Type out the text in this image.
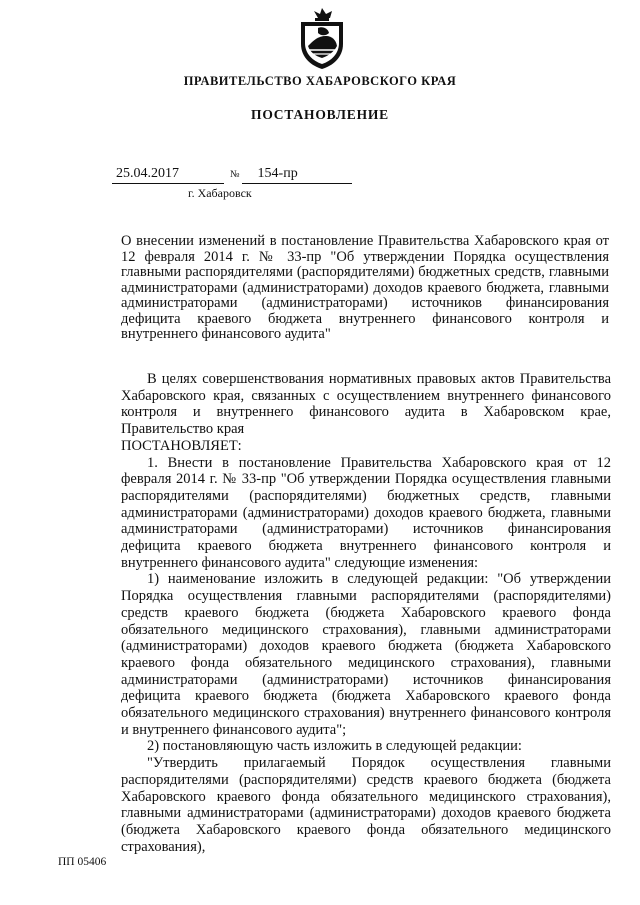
ПРАВИТЕЛЬСТВО ХАБАРОВСКОГО КРАЯ
ПОСТАНОВЛЕНИЕ
25.04.2017	№ 154-пр
г. Хабаровск
О внесении изменений в постановление Правительства Хабаровского края от 12 февраля 2014 г. № 33-пр "Об утверждении Порядка осуществления главными распорядителями (распорядителями) бюджетных средств, главными администраторами (администраторами) доходов краевого бюджета, главными администраторами (администраторами) источников финансирования дефицита краевого бюджета внутреннего финансового контроля и внутреннего финансового аудита"

В целях совершенствования нормативных правовых актов Правительства Хабаровского края, связанных с осуществлением внутреннего финансового контроля и внутреннего финансового аудита в Хабаровском крае, Правительство края

ПОСТАНОВЛЯЕТ:

1. Внести в постановление Правительства Хабаровского края от 12 февраля 2014 г. № 33-пр "Об утверждении Порядка осуществления главными распорядителями (распорядителями) бюджетных средств, главными администраторами (администраторами) доходов краевого бюджета, главными администраторами (администраторами) источников финансирования дефицита краевого бюджета внутреннего финансового контроля и внутреннего финансового аудита" следующие изменения:

1) наименование изложить в следующей редакции: "Об утверждении Порядка осуществления главными распорядителями (распорядителями) средств краевого бюджета (бюджета Хабаровского краевого фонда обязательного медицинского страхования), главными администраторами (администраторами) доходов краевого бюджета (бюджета Хабаровского краевого фонда обязательного медицинского страхования), главными администраторами (администраторами) источников финансирования дефицита краевого бюджета (бюджета Хабаровского краевого фонда обязательного медицинского страхования) внутреннего финансового контроля и внутреннего финансового аудита";

2) постановляющую часть изложить в следующей редакции:

"Утвердить прилагаемый Порядок осуществления главными распорядителями (распорядителями) средств краевого бюджета (бюджета Хабаровского краевого фонда обязательного медицинского страхования), главными администраторами (администраторами) доходов краевого бюджета (бюджета Хабаровского краевого фонда обязательного медицинского страхования),

ПП 05406
